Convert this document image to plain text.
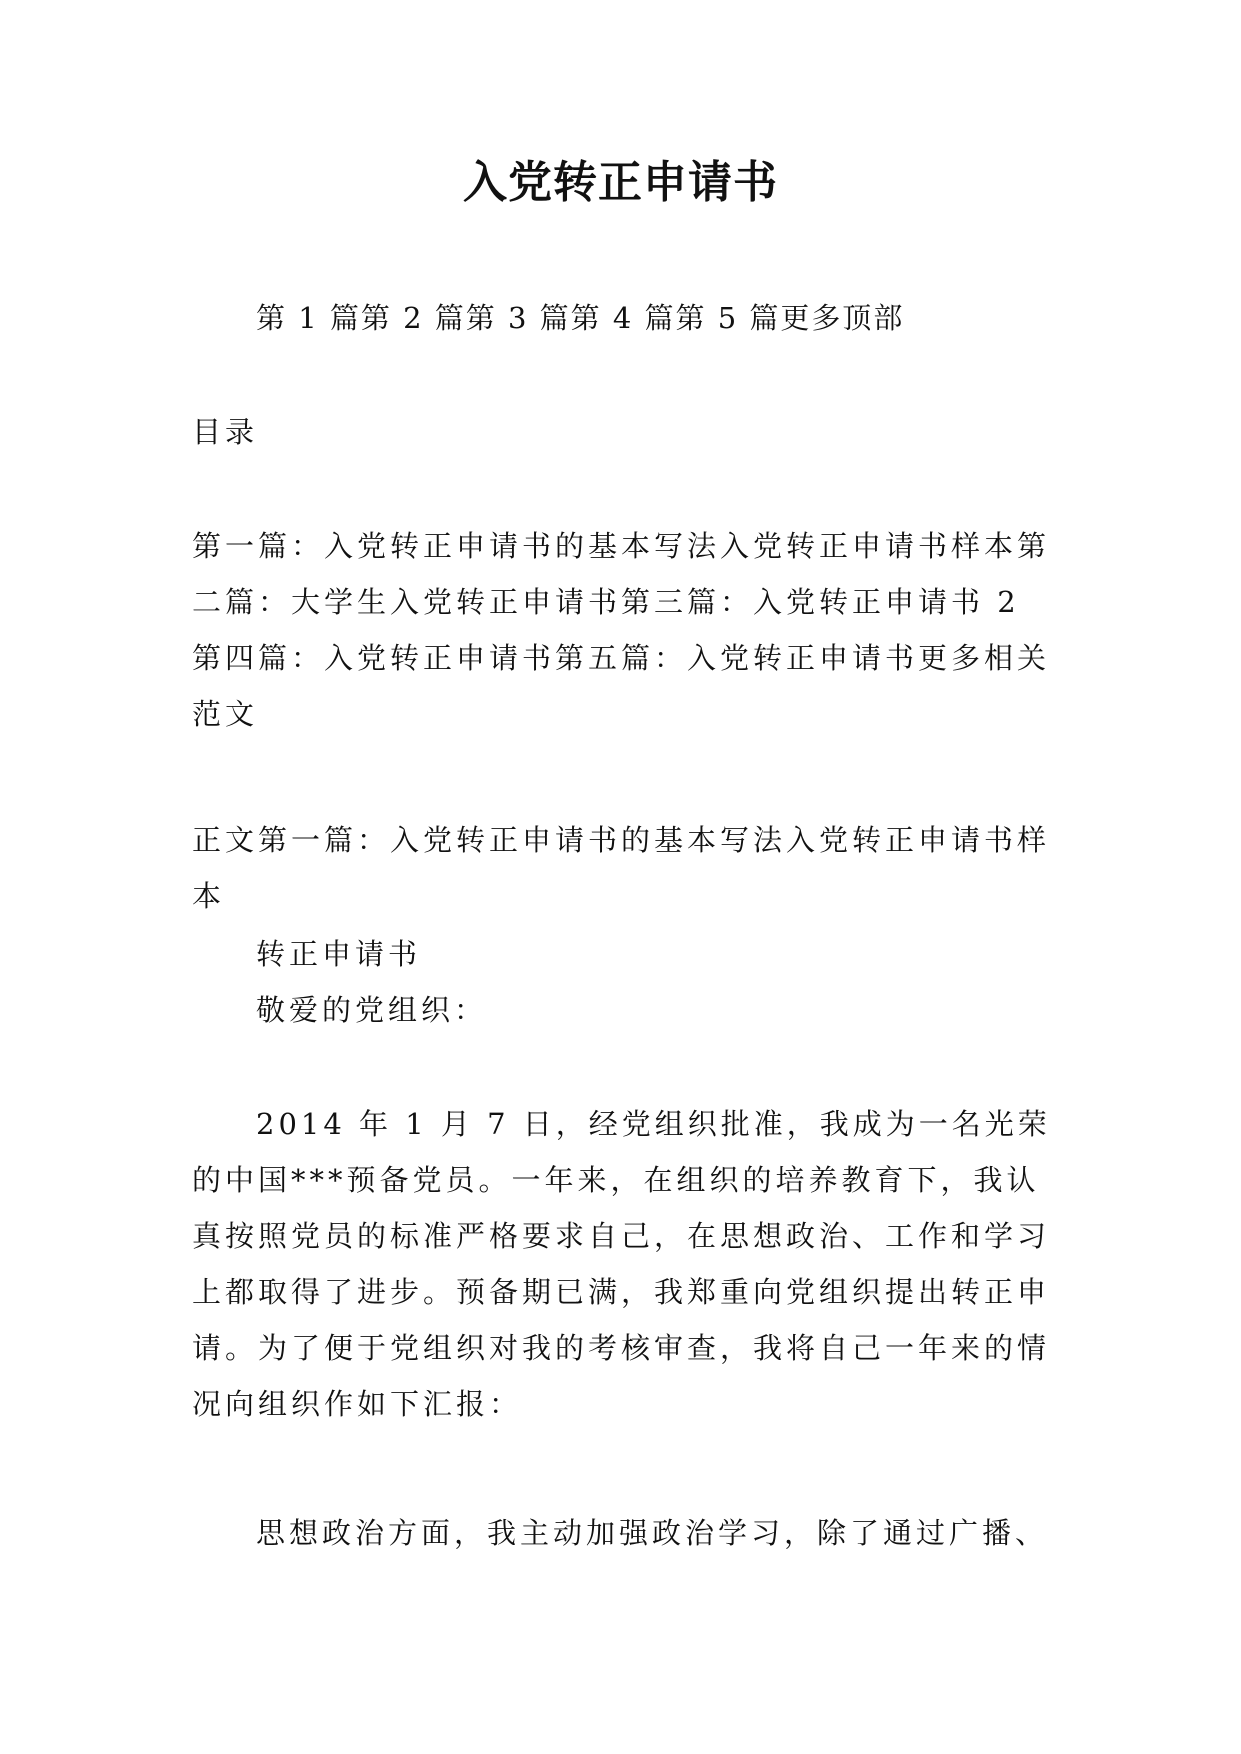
入党转正申请书
第 1 篇第 2 篇第 3 篇第 4 篇第 5 篇更多顶部
目录
第一篇：入党转正申请书的基本写法入党转正申请书样本第二篇：大学生入党转正申请书第三篇：入党转正申请书 2 第四篇：入党转正申请书第五篇：入党转正申请书更多相关范文
正文第一篇：入党转正申请书的基本写法入党转正申请书样本
转正申请书
敬爱的党组织：
2014 年 1 月 7 日，经党组织批准，我成为一名光荣的中国***预备党员。一年来，在组织的培养教育下，我认真按照党员的标准严格要求自己，在思想政治、工作和学习上都取得了进步。预备期已满，我郑重向党组织提出转正申请。为了便于党组织对我的考核审查，我将自己一年来的情况向组织作如下汇报：
思想政治方面，我主动加强政治学习，除了通过广播、
